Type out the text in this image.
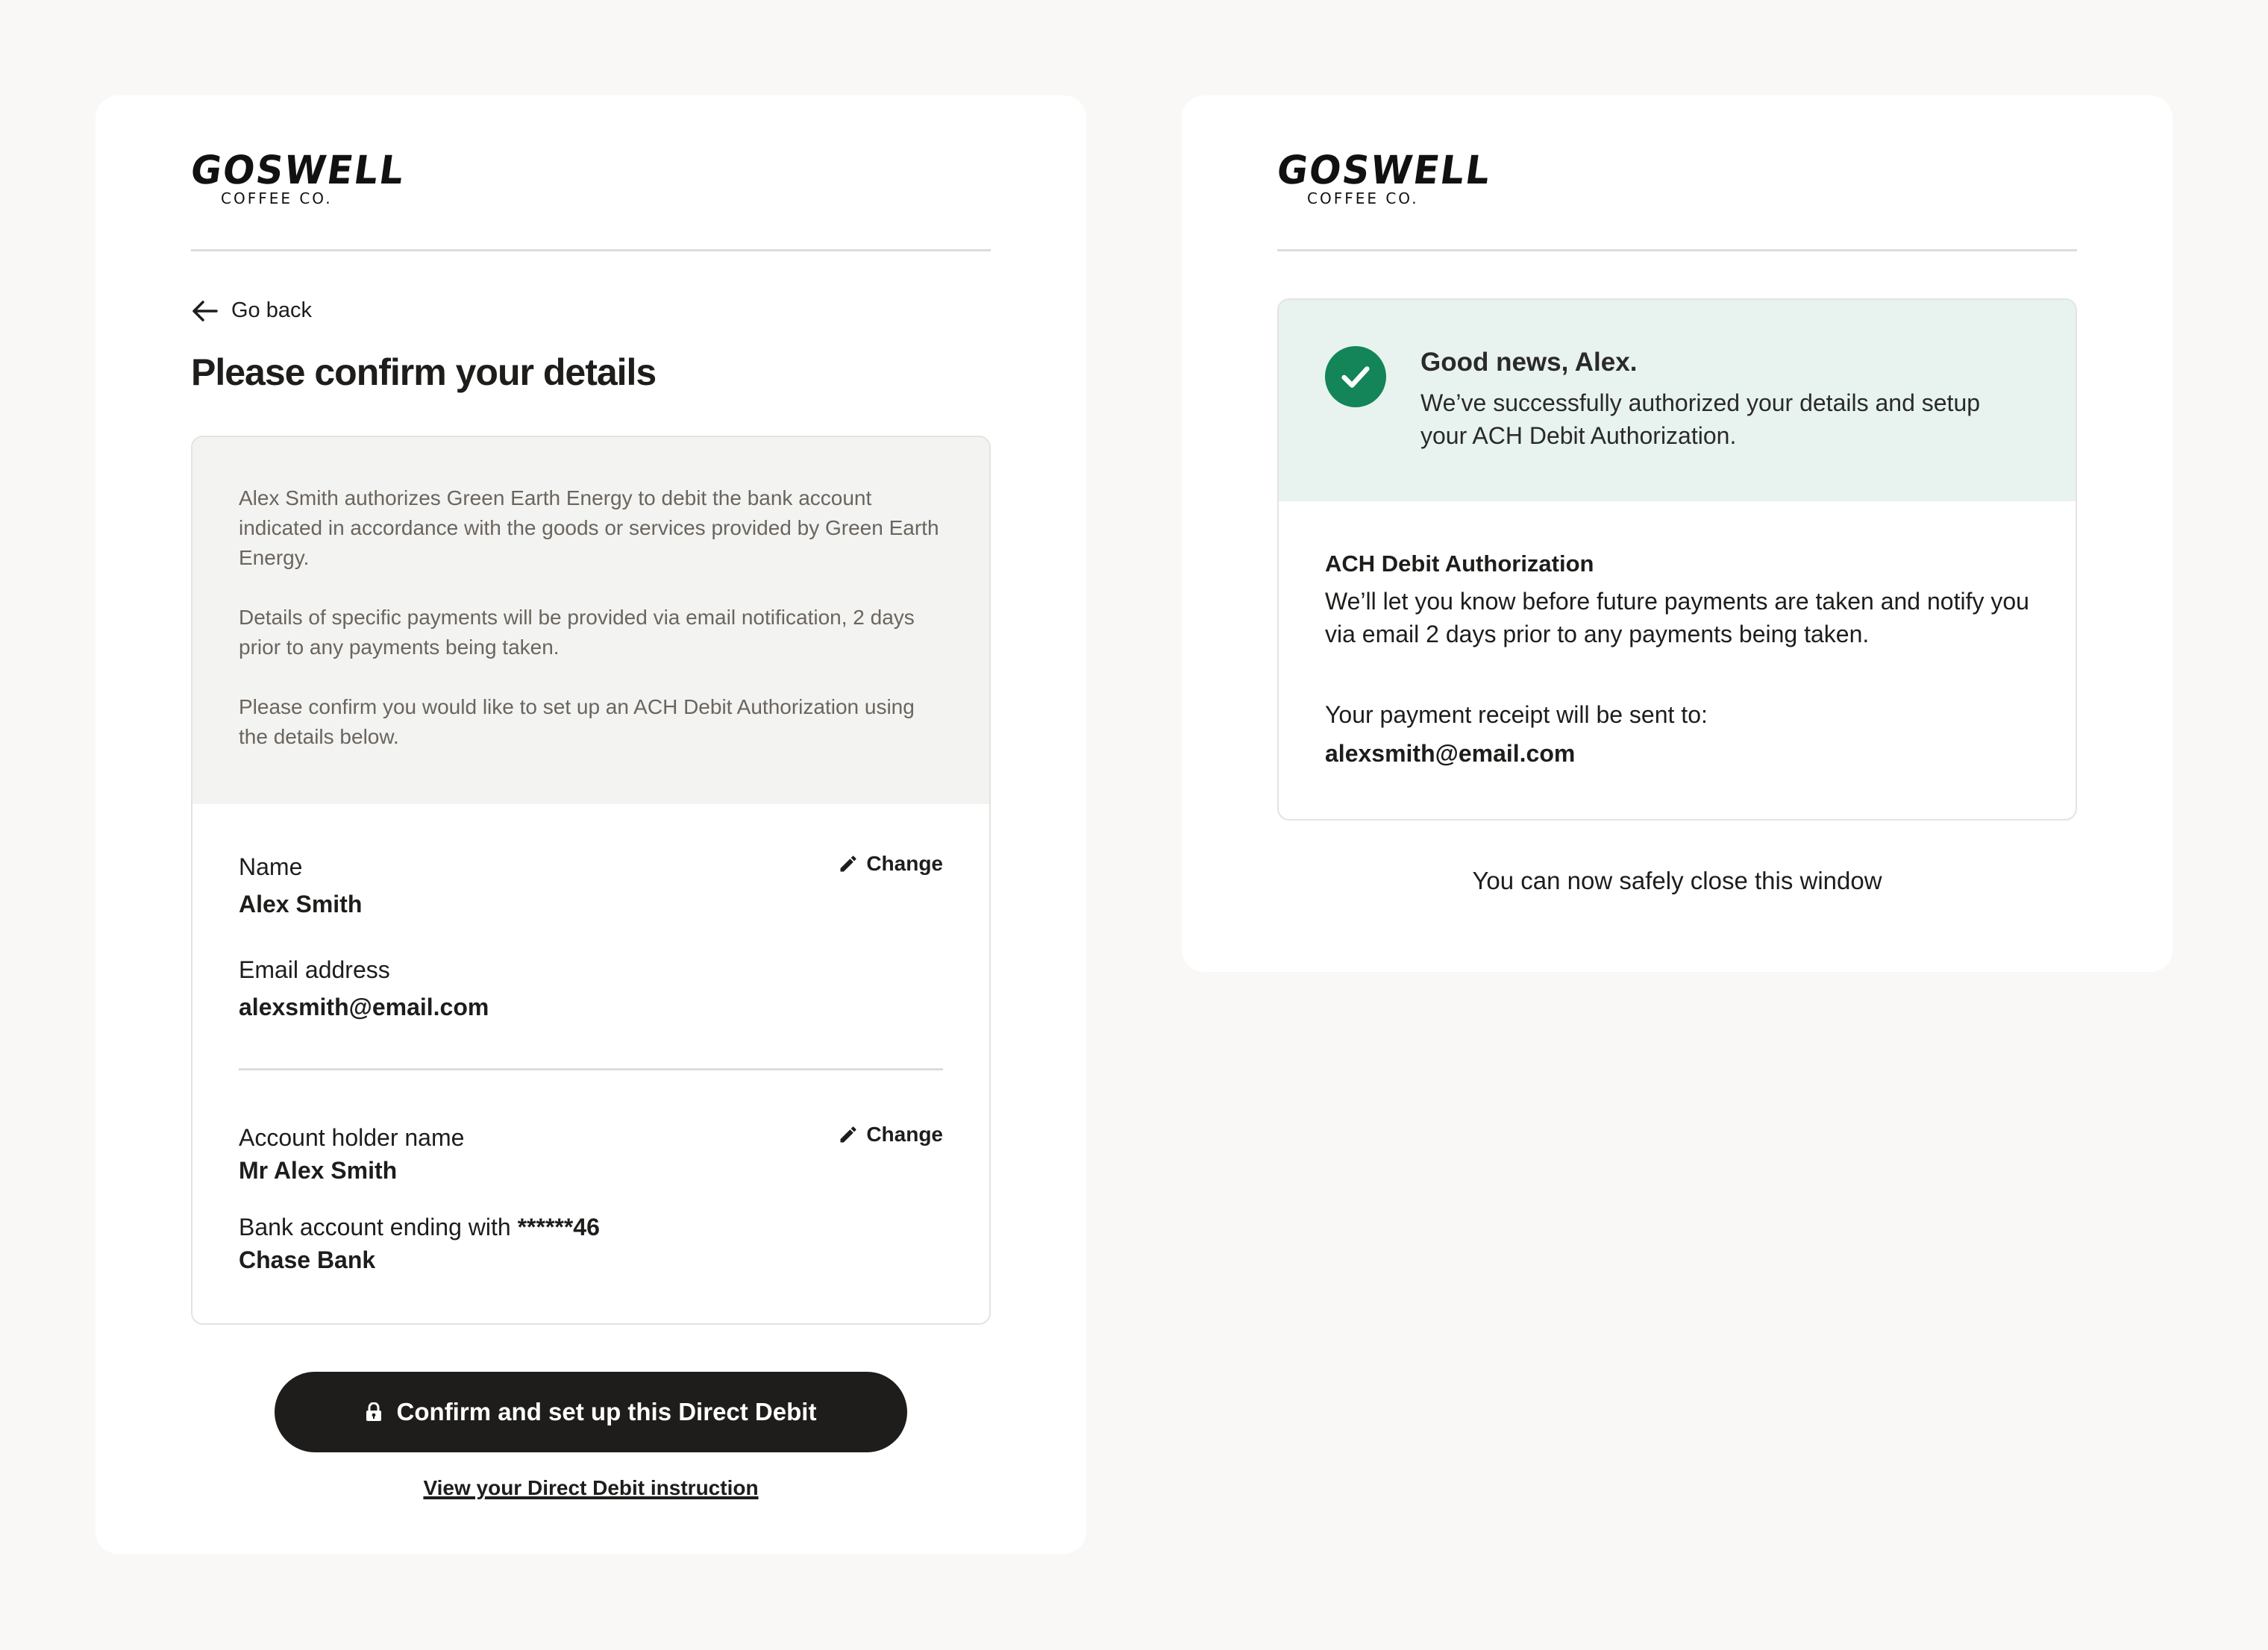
GOSWELL
COFFEE CO.
Go back
Please confirm your details

Alex Smith authorizes Green Earth Energy to debit the bank account indicated in accordance with the goods or services provided by Green Earth Energy.

Details of specific payments will be provided via email notification, 2 days prior to any payments being taken.

Please confirm you would like to set up an ACH Debit Authorization using the details below.

Change
Name
Alex Smith
Email address
alexsmith@email.com
Change
Account holder name
Mr Alex Smith
Bank account ending with ******46
Chase Bank
Confirm and set up this Direct Debit
View your Direct Debit instruction
GOSWELL
COFFEE CO.
Good news, Alex.
We’ve successfully authorized your details and setup your ACH Debit Authorization.
ACH Debit Authorization
We’ll let you know before future payments are taken and notify you via email 2 days prior to any payments being taken.
Your payment receipt will be sent to:
alexsmith@email.com
You can now safely close this window
